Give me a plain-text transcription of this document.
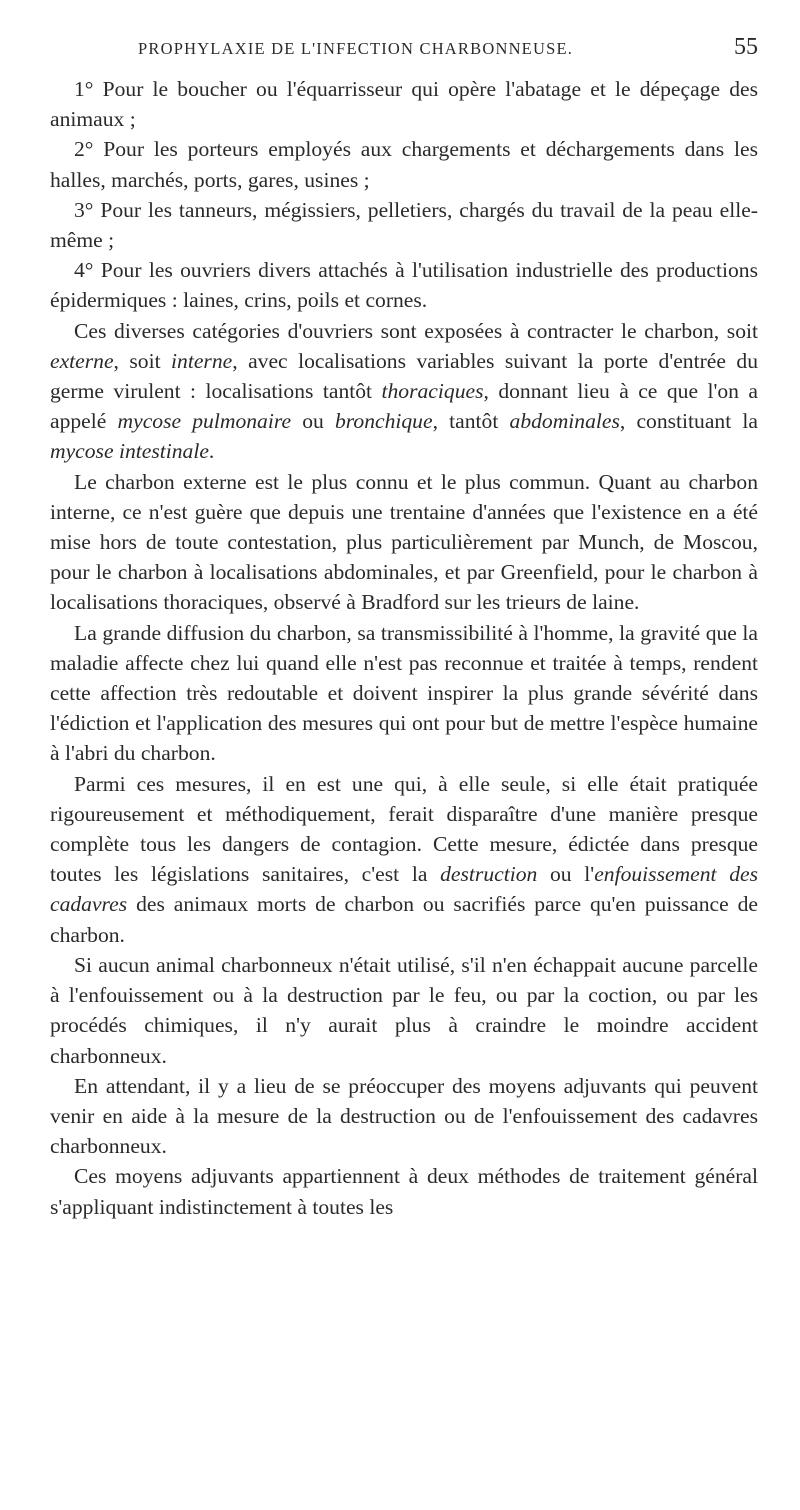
PROPHYLAXIE DE L'INFECTION CHARBONNEUSE.	55

1° Pour le boucher ou l'équarrisseur qui opère l'abatage et le dépeçage des animaux ;

2° Pour les porteurs employés aux chargements et déchargements dans les halles, marchés, ports, gares, usines ;

3° Pour les tanneurs, mégissiers, pelletiers, chargés du travail de la peau elle-même ;

4° Pour les ouvriers divers attachés à l'utilisation industrielle des productions épidermiques : laines, crins, poils et cornes.

Ces diverses catégories d'ouvriers sont exposées à contracter le charbon, soit externe, soit interne, avec localisations variables suivant la porte d'entrée du germe virulent : localisations tantôt thoraciques, donnant lieu à ce que l'on a appelé mycose pulmonaire ou bronchique, tantôt abdominales, constituant la mycose intestinale.

Le charbon externe est le plus connu et le plus commun. Quant au charbon interne, ce n'est guère que depuis une trentaine d'années que l'existence en a été mise hors de toute contestation, plus particulièrement par Munch, de Moscou, pour le charbon à localisations abdominales, et par Greenfield, pour le charbon à localisations thoraciques, observé à Bradford sur les trieurs de laine.

La grande diffusion du charbon, sa transmissibilité à l'homme, la gravité que la maladie affecte chez lui quand elle n'est pas reconnue et traitée à temps, rendent cette affection très redoutable et doivent inspirer la plus grande sévérité dans l'édiction et l'application des mesures qui ont pour but de mettre l'espèce humaine à l'abri du charbon.

Parmi ces mesures, il en est une qui, à elle seule, si elle était pratiquée rigoureusement et méthodiquement, ferait disparaître d'une manière presque complète tous les dangers de contagion. Cette mesure, édictée dans presque toutes les législations sanitaires, c'est la destruction ou l'enfouissement des cadavres des animaux morts de charbon ou sacrifiés parce qu'en puissance de charbon.

Si aucun animal charbonneux n'était utilisé, s'il n'en échappait aucune parcelle à l'enfouissement ou à la destruction par le feu, ou par la coction, ou par les procédés chimiques, il n'y aurait plus à craindre le moindre accident charbonneux.

En attendant, il y a lieu de se préoccuper des moyens adjuvants qui peuvent venir en aide à la mesure de la destruction ou de l'enfouissement des cadavres charbonneux.

Ces moyens adjuvants appartiennent à deux méthodes de traitement général s'appliquant indistinctement à toutes les
